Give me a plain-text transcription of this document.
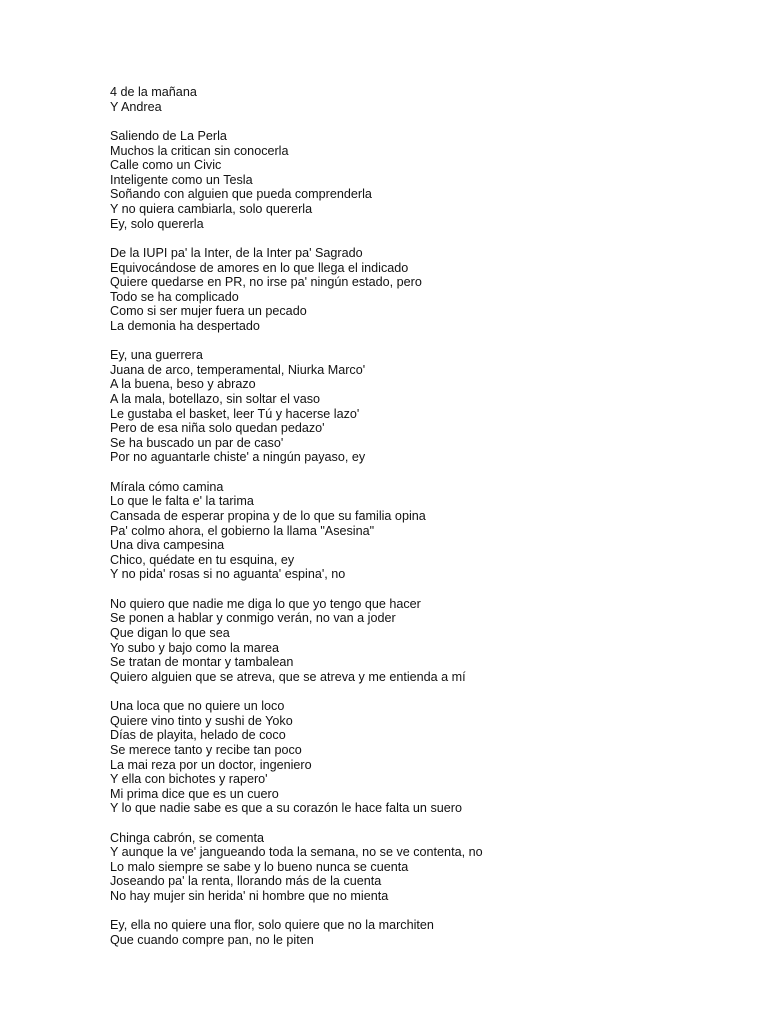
4 de la mañana
Y Andrea
Saliendo de La Perla
Muchos la critican sin conocerla
Calle como un Civic
Inteligente como un Tesla
Soñando con alguien que pueda comprenderla
Y no quiera cambiarla, solo quererla
Ey, solo quererla
De la IUPI pa' la Inter, de la Inter pa' Sagrado
Equivocándose de amores en lo que llega el indicado
Quiere quedarse en PR, no irse pa' ningún estado, pero
Todo se ha complicado
Como si ser mujer fuera un pecado
La demonia ha despertado
Ey, una guerrera
Juana de arco, temperamental, Niurka Marco'
A la buena, beso y abrazo
A la mala, botellazo, sin soltar el vaso
Le gustaba el basket, leer Tú y hacerse lazo'
Pero de esa niña solo quedan pedazo'
Se ha buscado un par de caso'
Por no aguantarle chiste' a ningún payaso, ey
Mírala cómo camina
Lo que le falta e' la tarima
Cansada de esperar propina y de lo que su familia opina
Pa' colmo ahora, el gobierno la llama "Asesina"
Una diva campesina
Chico, quédate en tu esquina, ey
Y no pida' rosas si no aguanta' espina', no
No quiero que nadie me diga lo que yo tengo que hacer
Se ponen a hablar y conmigo verán, no van a joder
Que digan lo que sea
Yo subo y bajo como la marea
Se tratan de montar y tambalean
Quiero alguien que se atreva, que se atreva y me entienda a mí
Una loca que no quiere un loco
Quiere vino tinto y sushi de Yoko
Días de playita, helado de coco
Se merece tanto y recibe tan poco
La mai reza por un doctor, ingeniero
Y ella con bichotes y rapero'
Mi prima dice que es un cuero
Y lo que nadie sabe es que a su corazón le hace falta un suero
Chinga cabrón, se comenta
Y aunque la ve' jangueando toda la semana, no se ve contenta, no
Lo malo siempre se sabe y lo bueno nunca se cuenta
Joseando pa' la renta, llorando más de la cuenta
No hay mujer sin herida' ni hombre que no mienta
Ey, ella no quiere una flor, solo quiere que no la marchiten
Que cuando compre pan, no le piten
